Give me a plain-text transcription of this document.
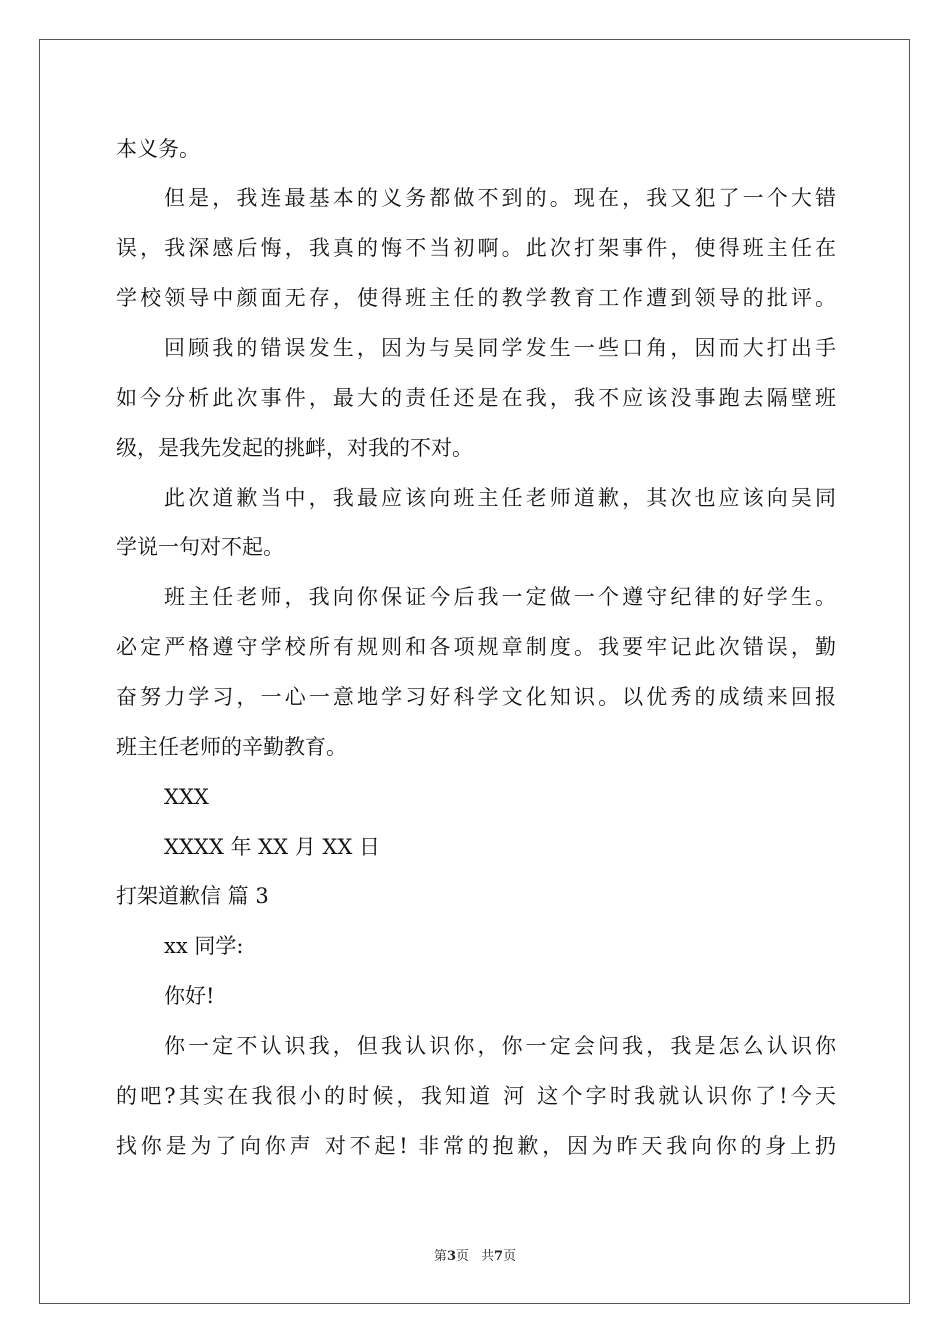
本义务。
但是，我连最基本的义务都做不到的。现在，我又犯了一个大错
误，我深感后悔，我真的悔不当初啊。此次打架事件，使得班主任在
学校领导中颜面无存，使得班主任的教学教育工作遭到领导的批评。
回顾我的错误发生，因为与吴同学发生一些口角，因而大打出手
如今分析此次事件，最大的责任还是在我，我不应该没事跑去隔壁班
级，是我先发起的挑衅，对我的不对。
此次道歉当中，我最应该向班主任老师道歉，其次也应该向吴同
学说一句对不起。
班主任老师，我向你保证今后我一定做一个遵守纪律的好学生。
必定严格遵守学校所有规则和各项规章制度。我要牢记此次错误，勤
奋努力学习，一心一意地学习好科学文化知识。以优秀的成绩来回报
班主任老师的辛勤教育。
XXX
XXXX 年 XX 月 XX 日
打架道歉信 篇 3
xx 同学:
你好!
你一定不认识我，但我认识你，你一定会问我，我是怎么认识你
的吧?其实在我很小的时候，我知道 河 这个字时我就认识你了!今天
找你是为了向你声 对不起! 非常的抱歉，因为昨天我向你的身上扔
第3页 共7页
